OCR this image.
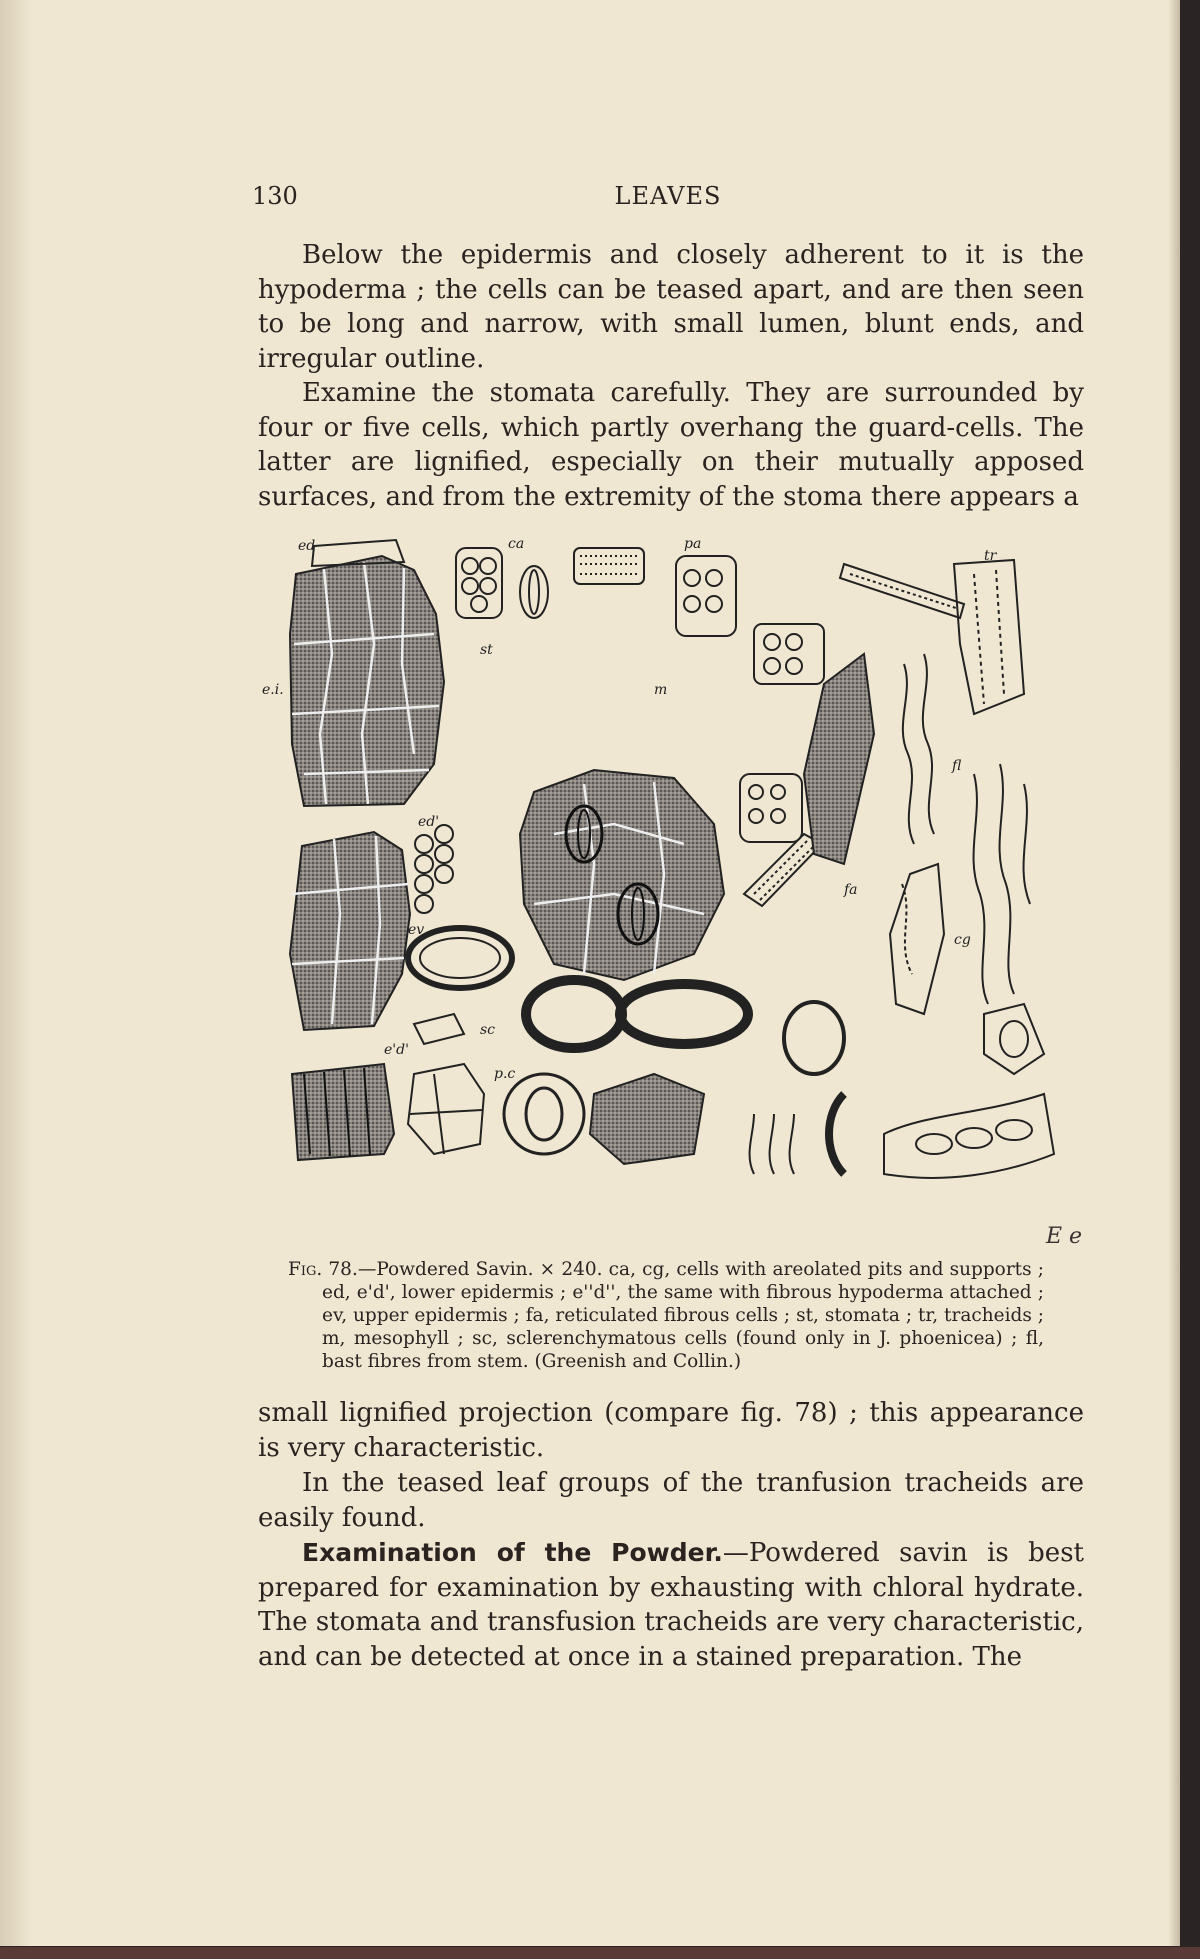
130	LEAVES

Below the epidermis and closely adherent to it is the hypoderma ; the cells can be teased apart, and are then seen to be long and narrow, with small lumen, blunt ends, and irregular outline.

Examine the stomata carefully. They are surrounded by four or five cells, which partly overhang the guard-cells. The latter are lignified, especially on their mutually apposed surfaces, and from the extremity of the stoma there appears a

ed
e.i.
ca
st
pa
m
tr
fl
ed'
ev
fa
cg
sc
p.c
e'd'
E e
Fig. 78.—Powdered Savin. × 240. ca, cg, cells with areolated pits and supports ; ed, e'd', lower epidermis ; e''d'', the same with fibrous hypoderma attached ; ev, upper epidermis ; fa, reticulated fibrous cells ; st, stomata ; tr, tracheids ; m, mesophyll ; sc, sclerenchymatous cells (found only in J. phoenicea) ; fl, bast fibres from stem. (Greenish and Collin.)

small lignified projection (compare fig. 78) ; this appearance is very characteristic.

In the teased leaf groups of the tranfusion tracheids are easily found.

Examination of the Powder.—Powdered savin is best prepared for examination by exhausting with chloral hydrate. The stomata and transfusion tracheids are very characteristic, and can be detected at once in a stained preparation. The
